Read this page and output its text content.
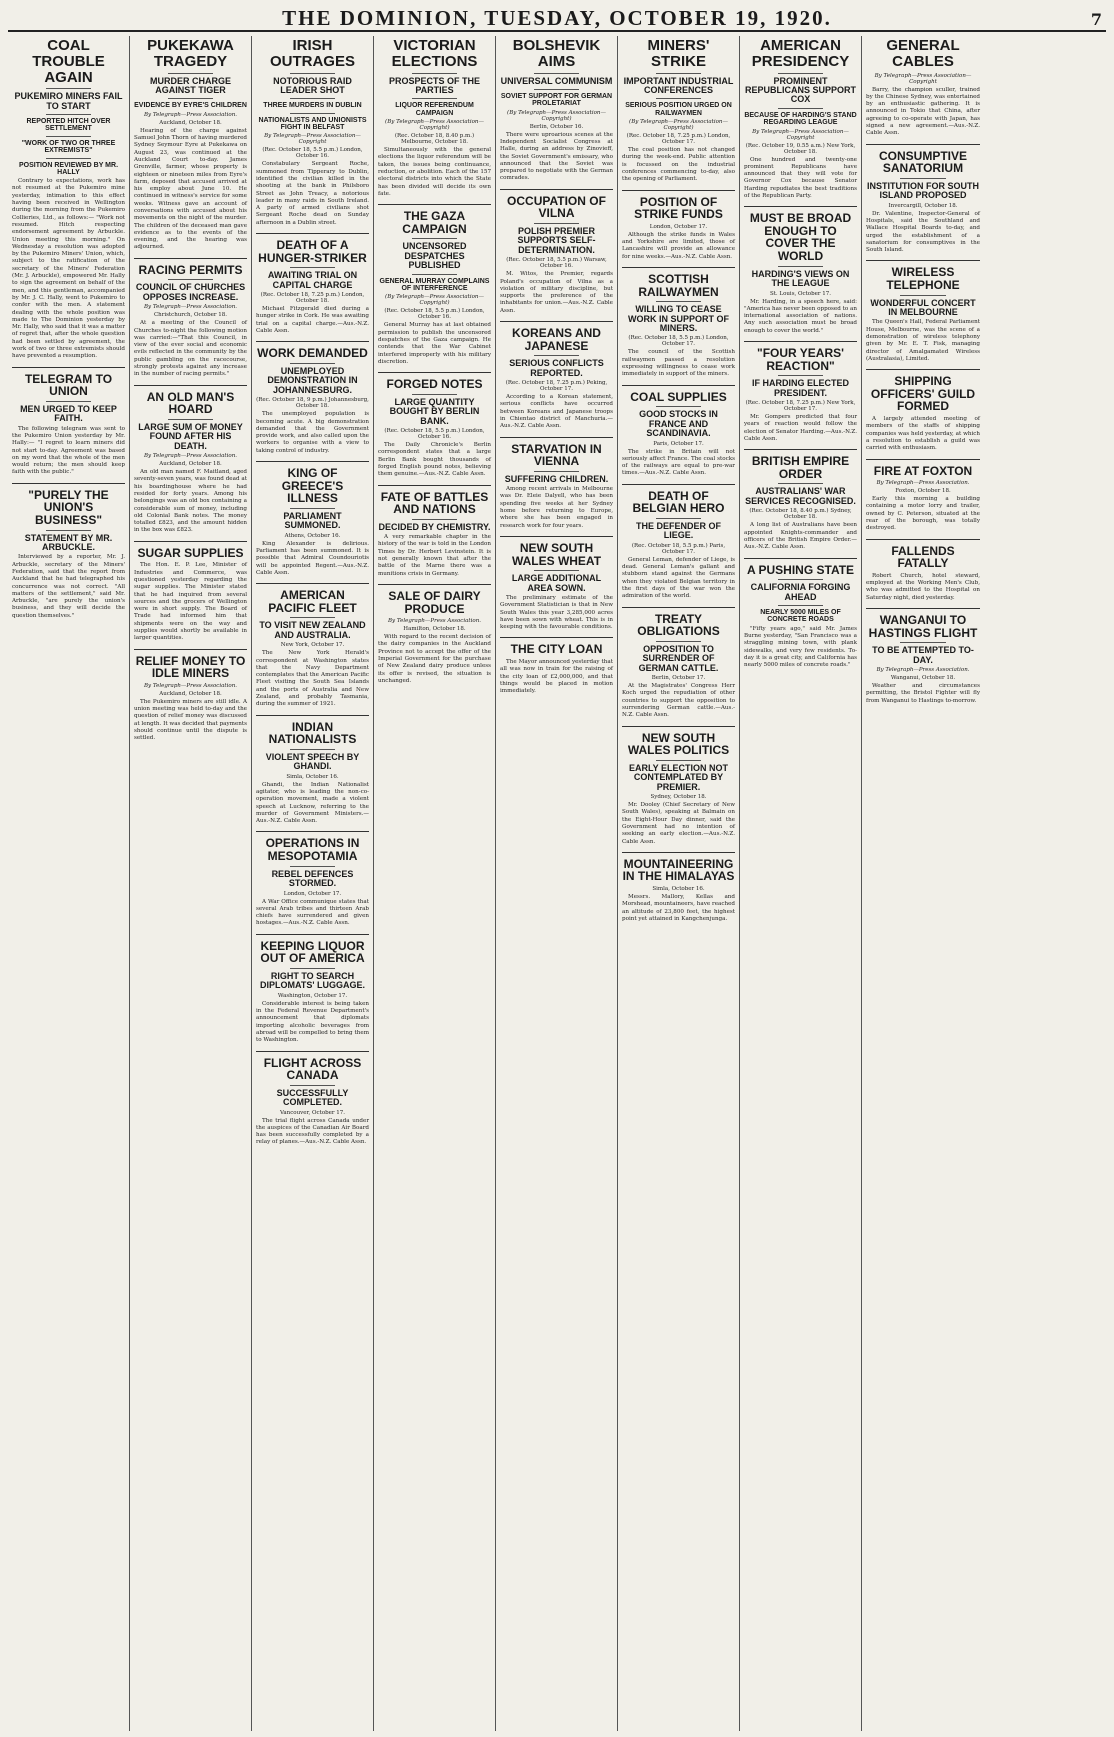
THE DOMINION, TUESDAY, OCTOBER 19, 1920.	7
COAL TROUBLE AGAIN
PUKEMIRO MINERS FAIL TO START
REPORTED HITCH OVER SETTLEMENT
"WORK OF TWO OR THREE EXTREMISTS"
POSITION REVIEWED BY MR. HALLY
Contrary to expectations, work has not resumed at the Pukemiro mine yesterday, intimation to this effect having been received in Wellington during the morning from the Pukemiro Collieries, Ltd., as follows:— "Work not resumed. Hitch respecting endorsement agreement by Arbuckle. Union meeting this morning." On Wednesday a resolution was adopted by the Pukemiro Miners' Union, which, subject to the ratification of the secretary of the Miners' Federation (Mr. J. Arbuckle), empowered Mr. Hally to sign the agreement on behalf of the men, and this gentleman, accompanied by Mr. J. C. Hally, went to Pukemiro to confer with the men. A statement dealing with the whole position was made to The Dominion yesterday by Mr. Hally, who said that it was a matter of regret that, after the whole question had been settled by agreement, the work of two or three extremists should have prevented a resumption.
TELEGRAM TO UNION
MEN URGED TO KEEP FAITH.
The following telegram was sent to the Pukemiro Union yesterday by Mr. Hally:— "I regret to learn miners did not start to-day. Agreement was based on my word that the whole of the men would return; the men should keep faith with the public."
"PURELY THE UNION'S BUSINESS"
STATEMENT BY MR. ARBUCKLE.
Interviewed by a reporter, Mr. J. Arbuckle, secretary of the Miners' Federation, said that the report from Auckland that he had telegraphed his concurrence was not correct. "All matters of the settlement," said Mr. Arbuckle, "are purely the union's business, and they will decide the question themselves."
PUKEKAWA TRAGEDY
MURDER CHARGE AGAINST TIGER
EVIDENCE BY EYRE'S CHILDREN
By Telegraph—Press Association.
Auckland, October 18.
Hearing of the charge against Samuel John Thorn of having murdered Sydney Seymour Eyre at Pukekawa on August 23, was continued at the Auckland Court to-day. James Grenville, farmer, whose property is eighteen or nineteen miles from Eyre's farm, deposed that accused arrived at his employ about June 10. He continued in witness's service for some weeks. Witness gave an account of conversations with accused about his movements on the night of the murder. The children of the deceased man gave evidence as to the events of the evening, and the hearing was adjourned.
RACING PERMITS
COUNCIL OF CHURCHES OPPOSES INCREASE.
By Telegraph—Press Association.
Christchurch, October 18.
At a meeting of the Council of Churches to-night the following motion was carried:—"That this Council, in view of the ever social and economic evils reflected in the community by the public gambling on the racecourse, strongly protests against any increase in the number of racing permits."
AN OLD MAN'S HOARD
LARGE SUM OF MONEY FOUND AFTER HIS DEATH.
By Telegraph—Press Association.
Auckland, October 18.
An old man named F. Maitland, aged seventy-seven years, was found dead at his boardinghouse where he had resided for forty years. Among his belongings was an old box containing a considerable sum of money, including old Colonial Bank notes. The money totalled £823, and the amount hidden in the box was £823.
SUGAR SUPPLIES
The Hon. E. P. Lee, Minister of Industries and Commerce, was questioned yesterday regarding the sugar supplies. The Minister stated that he had inquired from several sources and the grocers of Wellington were in short supply. The Board of Trade had informed him that shipments were on the way and supplies would shortly be available in larger quantities.
RELIEF MONEY TO IDLE MINERS
By Telegraph—Press Association.
Auckland, October 18.
The Pukemiro miners are still idle. A union meeting was held to-day and the question of relief money was discussed at length. It was decided that payments should continue until the dispute is settled.
IRISH OUTRAGES
NOTORIOUS RAID LEADER SHOT
THREE MURDERS IN DUBLIN
NATIONALISTS AND UNIONISTS FIGHT IN BELFAST
By Telegraph—Press Association—Copyright
(Rec. October 18, 5.5 p.m.) London, October 16.
Constabulary Sergeant Roche, summoned from Tipperary to Dublin, identified the civilian killed in the shooting at the bank in Philsboro Street as John Treacy, a notorious leader in many raids in South Ireland. A party of armed civilians shot Sergeant Roche dead on Sunday afternoon in a Dublin street.
DEATH OF A HUNGER-STRIKER
AWAITING TRIAL ON CAPITAL CHARGE
(Rec. October 18, 7.25 p.m.) London, October 18.
Michael Fitzgerald died during a hunger strike in Cork. He was awaiting trial on a capital charge.—Aus.-N.Z. Cable Assn.
WORK DEMANDED
UNEMPLOYED DEMONSTRATION IN JOHANNESBURG.
(Rec. October 18, 9 p.m.) Johannesburg, October 18.
The unemployed population is becoming acute. A big demonstration demanded that the Government provide work, and also called upon the workers to organise with a view to taking control of industry.
KING OF GREECE'S ILLNESS
PARLIAMENT SUMMONED.
Athens, October 16.
King Alexander is delirious. Parliament has been summoned. It is possible that Admiral Coundouriotis will be appointed Regent.—Aus.-N.Z. Cable Assn.
AMERICAN PACIFIC FLEET
TO VISIT NEW ZEALAND AND AUSTRALIA.
New York, October 17.
The New York Herald's correspondent at Washington states that the Navy Department contemplates that the American Pacific Fleet visiting the South Sea Islands and the ports of Australia and New Zealand, and probably Tasmania, during the summer of 1921.
INDIAN NATIONALISTS
VIOLENT SPEECH BY GHANDI.
Simla, October 16.
Ghandi, the Indian Nationalist agitator, who is leading the non-co-operation movement, made a violent speech at Lucknow, referring to the murder of Government Ministers.—Aus.-N.Z. Cable Assn.
OPERATIONS IN MESOPOTAMIA
REBEL DEFENCES STORMED.
London, October 17.
A War Office communique states that several Arab tribes and thirteen Arab chiefs have surrendered and given hostages.—Aus.-N.Z. Cable Assn.
KEEPING LIQUOR OUT OF AMERICA
RIGHT TO SEARCH DIPLOMATS' LUGGAGE.
Washington, October 17.
Considerable interest is being taken in the Federal Revenue Department's announcement that diplomats importing alcoholic beverages from abroad will be compelled to bring them to Washington.
FLIGHT ACROSS CANADA
SUCCESSFULLY COMPLETED.
Vancouver, October 17.
The trial flight across Canada under the auspices of the Canadian Air Board has been successfully completed by a relay of planes.—Aus.-N.Z. Cable Assn.
VICTORIAN ELECTIONS
PROSPECTS OF THE PARTIES
LIQUOR REFERENDUM CAMPAIGN
(By Telegraph—Press Association—Copyright)
(Rec. October 18, 8.40 p.m.) Melbourne, October 18.
Simultaneously with the general elections the liquor referendum will be taken, the issues being continuance, reduction, or abolition. Each of the 157 electoral districts into which the State has been divided will decide its own fate.
THE GAZA CAMPAIGN
UNCENSORED DESPATCHES PUBLISHED
GENERAL MURRAY COMPLAINS OF INTERFERENCE
(By Telegraph—Press Association—Copyright)
(Rec. October 18, 5.5 p.m.) London, October 16.
General Murray has at last obtained permission to publish the uncensored despatches of the Gaza campaign. He contends that the War Cabinet interfered improperly with his military discretion.
FORGED NOTES
LARGE QUANTITY BOUGHT BY BERLIN BANK.
(Rec. October 18, 5.5 p.m.) London, October 16.
The Daily Chronicle's Berlin correspondent states that a large Berlin Bank bought thousands of forged English pound notes, believing them genuine.—Aus.-N.Z. Cable Assn.
FATE OF BATTLES AND NATIONS
DECIDED BY CHEMISTRY.
A very remarkable chapter in the history of the war is told in the London Times by Dr. Herbert Levinstein. It is not generally known that after the battle of the Marne there was a munitions crisis in Germany.
SALE OF DAIRY PRODUCE
By Telegraph—Press Association.
Hamilton, October 18.
With regard to the recent decision of the dairy companies in the Auckland Province not to accept the offer of the Imperial Government for the purchase of New Zealand dairy produce unless its offer is revised, the situation is unchanged.
BOLSHEVIK AIMS
UNIVERSAL COMMUNISM
SOVIET SUPPORT FOR GERMAN PROLETARIAT
(By Telegraph—Press Association—Copyright)
Berlin, October 16.
There were uproarious scenes at the Independent Socialist Congress at Halle, during an address by Zinovieff, the Soviet Government's emissary, who announced that the Soviet was prepared to negotiate with the German comrades.
OCCUPATION OF VILNA
POLISH PREMIER SUPPORTS SELF-DETERMINATION.
(Rec. October 18, 5.5 p.m.) Warsaw, October 16.
M. Witos, the Premier, regards Poland's occupation of Vilna as a violation of military discipline, but supports the preference of the inhabitants for union.—Aus.-N.Z. Cable Assn.
KOREANS AND JAPANESE
SERIOUS CONFLICTS REPORTED.
(Rec. October 18, 7.25 p.m.) Peking, October 17.
According to a Korean statement, serious conflicts have occurred between Koreans and Japanese troops in Chientao district of Manchuria.—Aus.-N.Z. Cable Assn.
STARVATION IN VIENNA
SUFFERING CHILDREN.
Among recent arrivals in Melbourne was Dr. Eleie Dalyell, who has been spending five weeks at her Sydney home before returning to Europe, where she has been engaged in research work for four years.
NEW SOUTH WALES WHEAT
LARGE ADDITIONAL AREA SOWN.
The preliminary estimate of the Government Statistician is that in New South Wales this year 3,285,000 acres have been sown with wheat. This is in keeping with the favourable conditions.
THE CITY LOAN
The Mayor announced yesterday that all was now in train for the raising of the city loan of £2,000,000, and that things would be placed in motion immediately.
MINERS' STRIKE
IMPORTANT INDUSTRIAL CONFERENCES
SERIOUS POSITION URGED ON RAILWAYMEN
(By Telegraph—Press Association—Copyright)
(Rec. October 18, 7.25 p.m.) London, October 17.
The coal position has not changed during the week-end. Public attention is focussed on the industrial conferences commencing to-day, also the opening of Parliament.
POSITION OF STRIKE FUNDS
London, October 17.
Although the strike funds in Wales and Yorkshire are limited, those of Lancashire will provide an allowance for nine weeks.—Aus.-N.Z. Cable Assn.
SCOTTISH RAILWAYMEN
WILLING TO CEASE WORK IN SUPPORT OF MINERS.
(Rec. October 18, 5.5 p.m.) London, October 17.
The council of the Scottish railwaymen passed a resolution expressing willingness to cease work immediately in support of the miners.
COAL SUPPLIES
GOOD STOCKS IN FRANCE AND SCANDINAVIA.
Paris, October 17.
The strike in Britain will not seriously affect France. The coal stocks of the railways are equal to pre-war times.—Aus.-N.Z. Cable Assn.
DEATH OF BELGIAN HERO
THE DEFENDER OF LIEGE.
(Rec. October 18, 5.5 p.m.) Paris, October 17.
General Leman, defender of Liege, is dead. General Leman's gallant and stubborn stand against the Germans when they violated Belgian territory in the first days of the war won the admiration of the world.
TREATY OBLIGATIONS
OPPOSITION TO SURRENDER OF GERMAN CATTLE.
Berlin, October 17.
At the Magistrates' Congress Herr Koch urged the repudiation of other countries to support the opposition to surrendering German cattle.—Aus.-N.Z. Cable Assn.
NEW SOUTH WALES POLITICS
EARLY ELECTION NOT CONTEMPLATED BY PREMIER.
Sydney, October 18.
Mr. Dooley (Chief Secretary of New South Wales), speaking at Balmain on the Eight-Hour Day dinner, said the Government had no intention of seeking an early election.—Aus.-N.Z. Cable Assn.
MOUNTAINEERING IN THE HIMALAYAS
Simla, October 16.
Messrs. Mallory, Kellas and Morshead, mountaineers, have reached an altitude of 23,800 feet, the highest point yet attained in Kangchenjunga.
AMERICAN PRESIDENCY
PROMINENT REPUBLICANS SUPPORT COX
BECAUSE OF HARDING'S STAND REGARDING LEAGUE
By Telegraph—Press Association—Copyright
(Rec. October 19, 0.55 a.m.) New York, October 18.
One hundred and twenty-one prominent Republicans have announced that they will vote for Governor Cox because Senator Harding repudiates the best traditions of the Republican Party.
MUST BE BROAD ENOUGH TO COVER THE WORLD
HARDING'S VIEWS ON THE LEAGUE
St. Louis, October 17.
Mr. Harding, in a speech here, said: "America has never been opposed to an international association of nations. Any such association must be broad enough to cover the world."
"FOUR YEARS' REACTION"
IF HARDING ELECTED PRESIDENT.
(Rec. October 18, 7.25 p.m.) New York, October 17.
Mr. Gompers predicted that four years of reaction would follow the election of Senator Harding.—Aus.-N.Z. Cable Assn.
BRITISH EMPIRE ORDER
AUSTRALIANS' WAR SERVICES RECOGNISED.
(Rec. October 18, 8.40 p.m.) Sydney, October 18.
A long list of Australians have been appointed Knights-commander and officers of the British Empire Order.—Aus.-N.Z. Cable Assn.
A PUSHING STATE
CALIFORNIA FORGING AHEAD
NEARLY 5000 MILES OF CONCRETE ROADS
"Fifty years ago," said Mr. James Burne yesterday, "San Francisco was a straggling mining town, with plank sidewalks, and very few residents. To-day it is a great city, and California has nearly 5000 miles of concrete roads."
GENERAL CABLES
By Telegraph—Press Association—Copyright
Barry, the champion sculler, trained by the Chinese Sydney, was entertained by an enthusiastic gathering. It is announced in Tokio that China, after agreeing to co-operate with Japan, has signed a new agreement.—Aus.-N.Z. Cable Assn.
CONSUMPTIVE SANATORIUM
INSTITUTION FOR SOUTH ISLAND PROPOSED
Invercargill, October 18.
Dr. Valentine, Inspector-General of Hospitals, said the Southland and Wallace Hospital Boards to-day, and urged the establishment of a sanatorium for consumptives in the South Island.
WIRELESS TELEPHONE
WONDERFUL CONCERT IN MELBOURNE
The Queen's Hall, Federal Parliament House, Melbourne, was the scene of a demonstration of wireless telephony given by Mr. E. T. Fisk, managing director of Amalgamated Wireless (Australasia), Limited.
SHIPPING OFFICERS' GUILD FORMED
A largely attended meeting of members of the staffs of shipping companies was held yesterday, at which a resolution to establish a guild was carried with enthusiasm.
FIRE AT FOXTON
By Telegraph—Press Association.
Foxton, October 18.
Early this morning a building containing a motor lorry and trailer, owned by C. Peterson, situated at the rear of the borough, was totally destroyed.
FALLENDS FATALLY
Robert Church, hotel steward, employed at the Working Men's Club, who was admitted to the Hospital on Saturday night, died yesterday.
WANGANUI TO HASTINGS FLIGHT
TO BE ATTEMPTED TO-DAY.
By Telegraph—Press Association.
Wanganui, October 18.
Weather and circumstances permitting, the Bristol Fighter will fly from Wanganui to Hastings to-morrow.
